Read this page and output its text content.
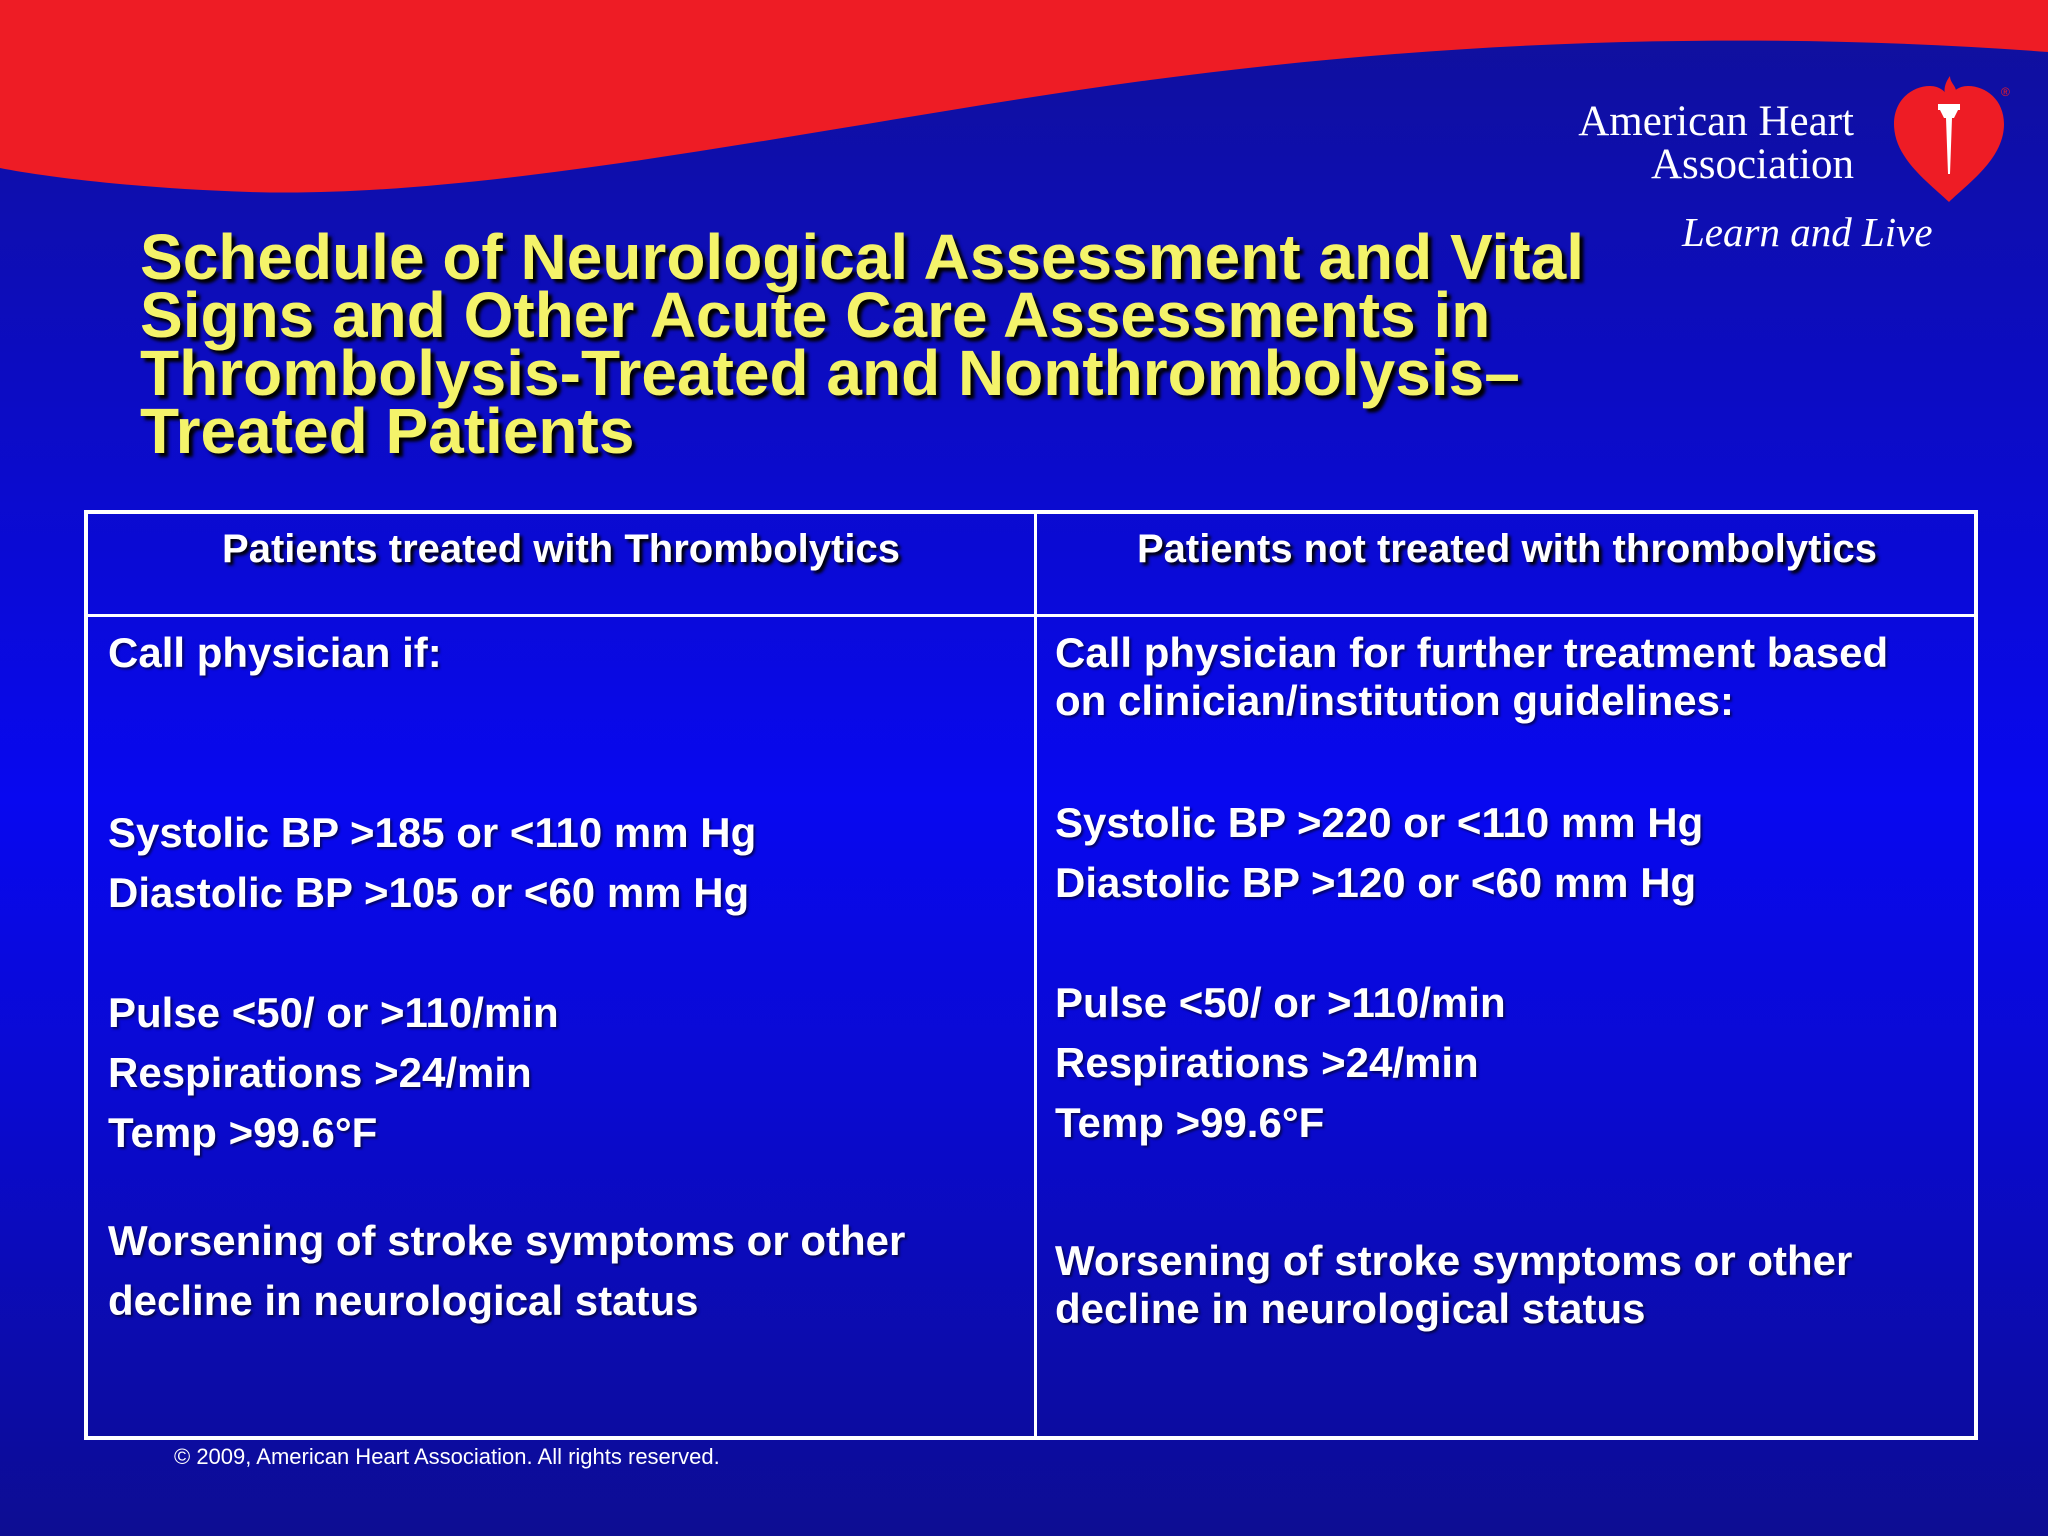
American Heart
Association
®
Learn and Live
Schedule of Neurological Assessment and Vital
Signs and Other Acute Care Assessments in
Thrombolysis-Treated and Nonthrombolysis–
Treated Patients
Patients treated with Thrombolytics	Patients not treated with thrombolytics
Call physician if:
Systolic BP >185 or <110 mm Hg
Diastolic BP >105 or <60 mm Hg
Pulse <50/ or >110/min
Respirations >24/min
Temp >99.6°F
Worsening of stroke symptoms or other
decline in neurological status
Call physician for further treatment based
on clinician/institution guidelines:
Systolic BP >220 or <110 mm Hg
Diastolic BP >120 or <60 mm Hg
Pulse <50/ or >110/min
Respirations >24/min
Temp >99.6°F
Worsening of stroke symptoms or other
decline in neurological status
© 2009, American Heart Association. All rights reserved.
